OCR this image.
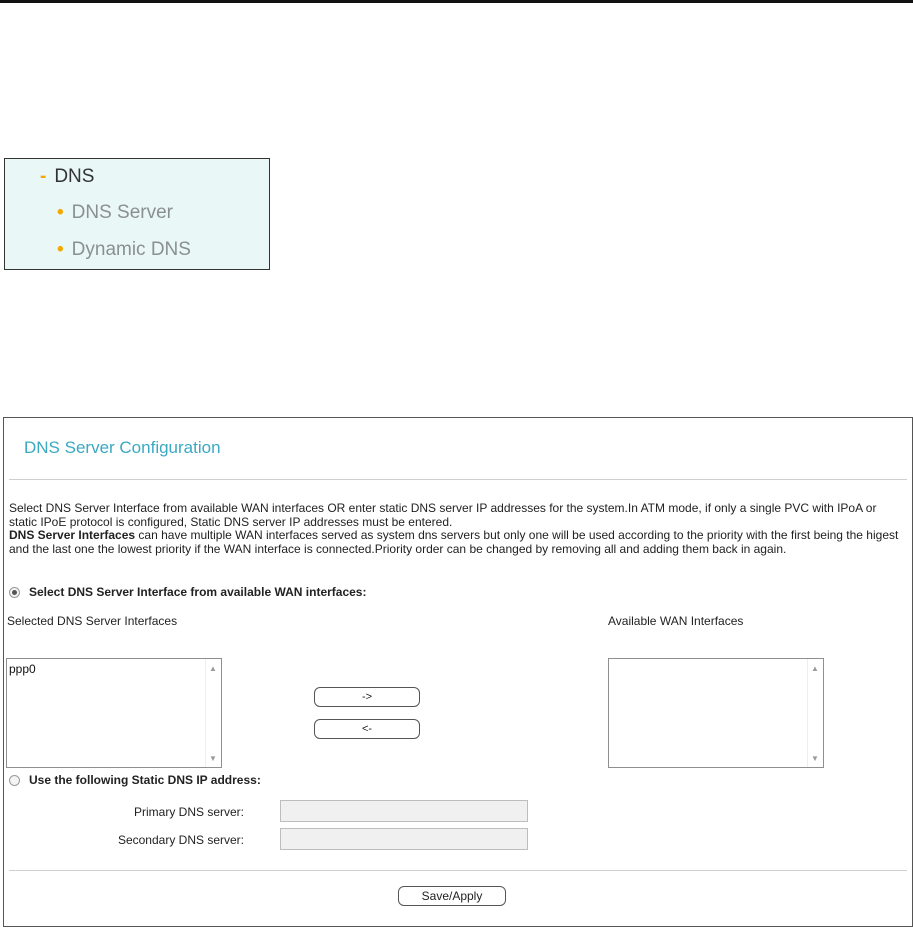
- DNS
• DNS Server
• Dynamic DNS
DNS Server Configuration
Select DNS Server Interface from available WAN interfaces OR enter static DNS server IP addresses for the system.In ATM mode, if only a single PVC with IPoA or static IPoE protocol is configured, Static DNS server IP addresses must be entered.
DNS Server Interfaces can have multiple WAN interfaces served as system dns servers but only one will be used according to the priority with the first being the higest and the last one the lowest priority if the WAN interface is connected.Priority order can be changed by removing all and adding them back in again.
Select DNS Server Interface from available WAN interfaces:
Selected DNS Server Interfaces	Available WAN Interfaces
ppp0	▲
▼
->
<-
▲
▼
Use the following Static DNS IP address:
Primary DNS server:
Secondary DNS server:
Save/Apply
